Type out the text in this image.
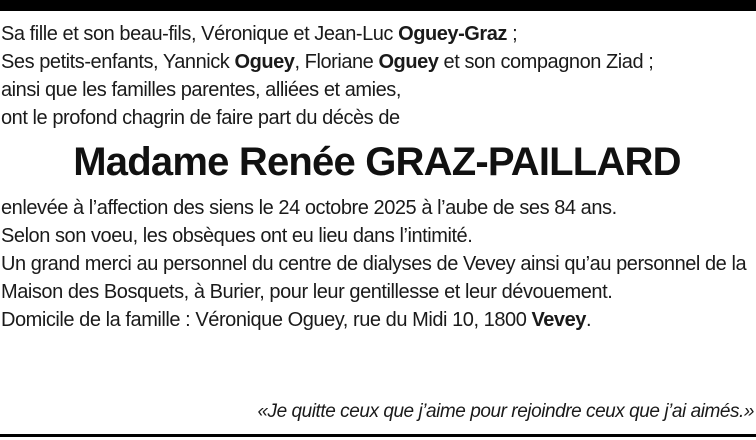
Sa fille et son beau-fils, Véronique et Jean-Luc Oguey-Graz ;
Ses petits-enfants, Yannick Oguey, Floriane Oguey et son compagnon Ziad ;
ainsi que les familles parentes, alliées et amies,
ont le profond chagrin de faire part du décès de
Madame Renée GRAZ-PAILLARD
enlevée à l’affection des siens le 24 octobre 2025 à l’aube de ses 84 ans.
Selon son voeu, les obsèques ont eu lieu dans l’intimité.
Un grand merci au personnel du centre de dialyses de Vevey ainsi qu’au personnel de la Maison des Bosquets, à Burier, pour leur gentillesse et leur dévouement.
Domicile de la famille : Véronique Oguey, rue du Midi 10, 1800 Vevey.
«Je quitte ceux que j’aime pour rejoindre ceux que j’ai aimés.»
